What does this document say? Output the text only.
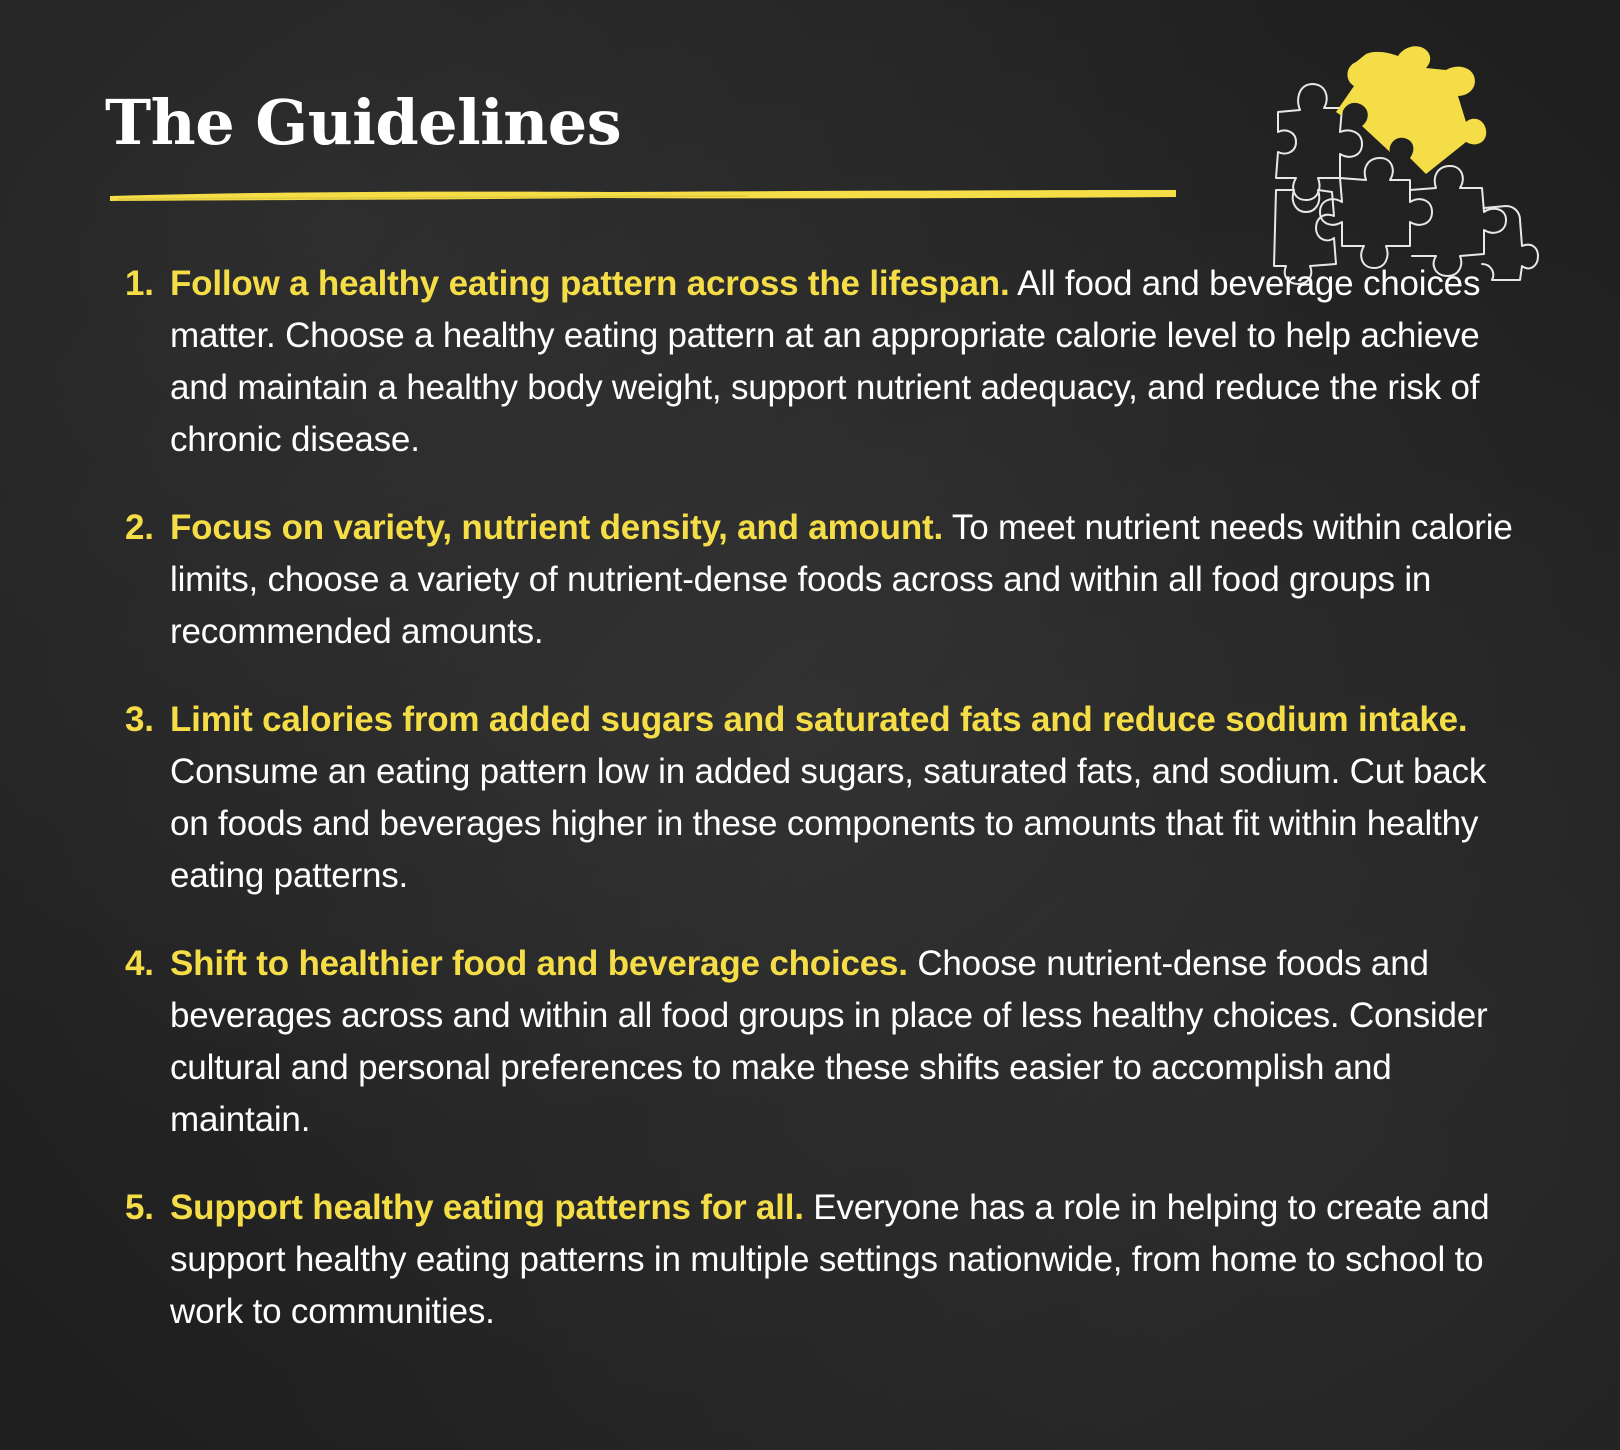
The Guidelines
1. Follow a healthy eating pattern across the lifespan. All food and beverage choices matter. Choose a healthy eating pattern at an appropriate calorie level to help achieve and maintain a healthy body weight, support nutrient adequacy, and reduce the risk of chronic disease.
2. Focus on variety, nutrient density, and amount. To meet nutrient needs within calorie limits, choose a variety of nutrient-dense foods across and within all food groups in recommended amounts.
3. Limit calories from added sugars and saturated fats and reduce sodium intake. Consume an eating pattern low in added sugars, saturated fats, and sodium. Cut back on foods and beverages higher in these components to amounts that fit within healthy eating patterns.
4. Shift to healthier food and beverage choices. Choose nutrient-dense foods and beverages across and within all food groups in place of less healthy choices. Consider cultural and personal preferences to make these shifts easier to accomplish and maintain.
5. Support healthy eating patterns for all. Everyone has a role in helping to create and support healthy eating patterns in multiple settings nationwide, from home to school to work to communities.
